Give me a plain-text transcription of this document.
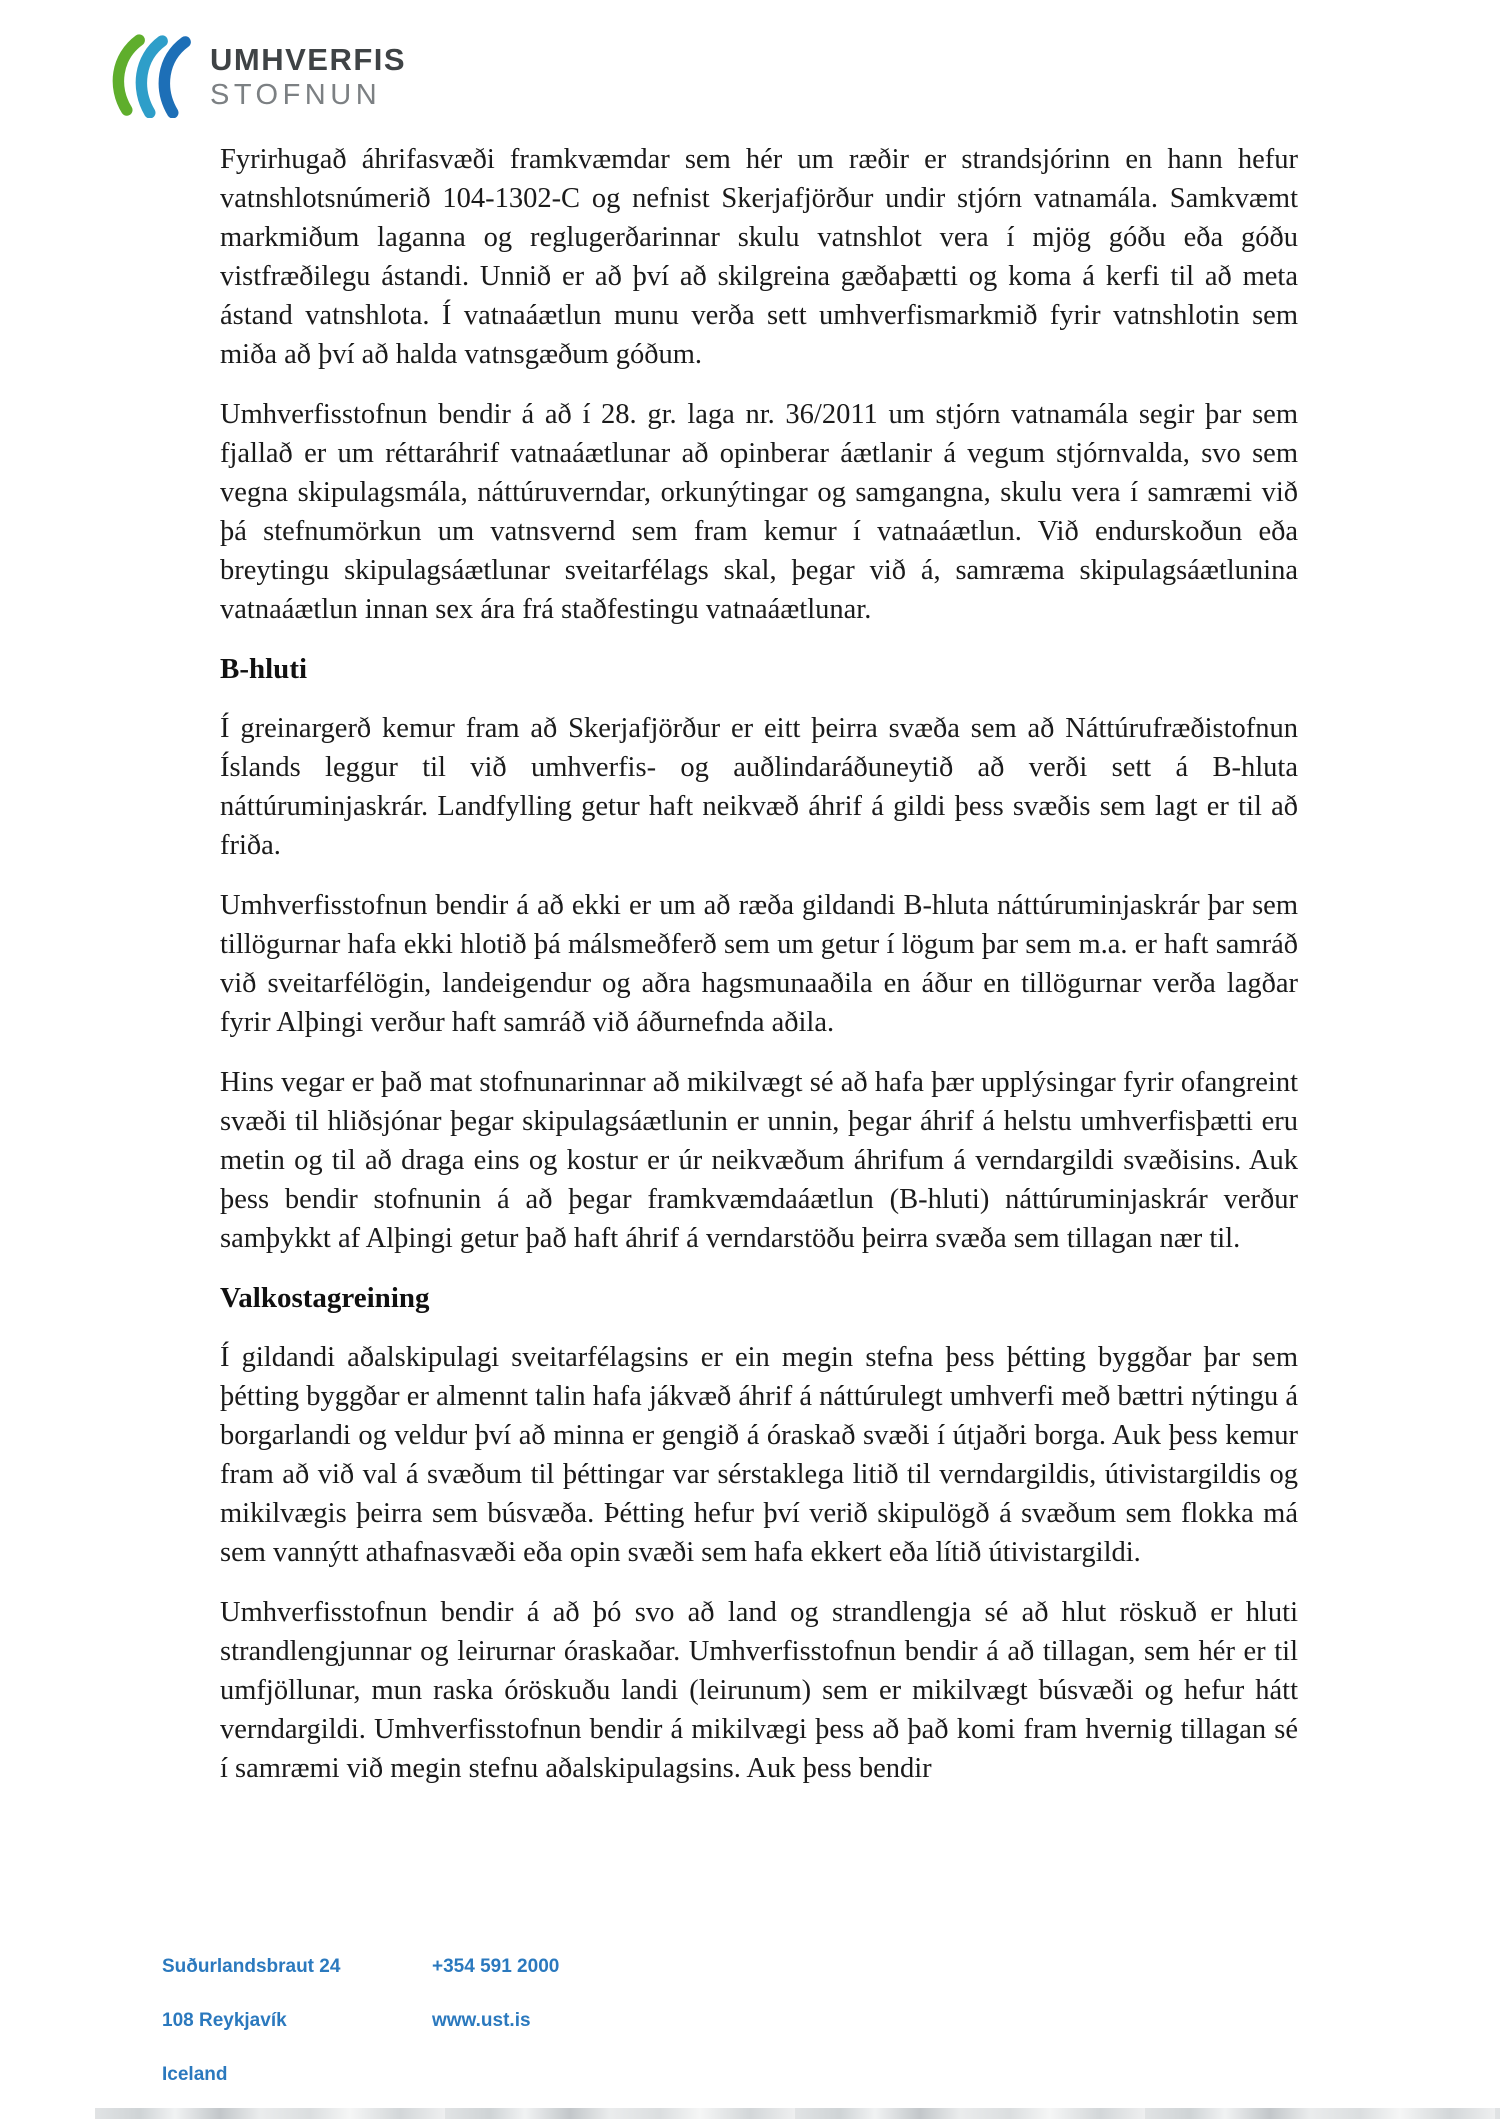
UMHVERFIS
STOFNUN

Fyrirhugað áhrifasvæði framkvæmdar sem hér um ræðir er strandsjórinn en hann hefur vatnshlotsnúmerið 104-1302-C og nefnist Skerjafjörður undir stjórn vatnamála. Samkvæmt markmiðum laganna og reglugerðarinnar skulu vatnshlot vera í mjög góðu eða góðu vistfræðilegu ástandi. Unnið er að því að skilgreina gæðaþætti og koma á kerfi til að meta ástand vatnshlota. Í vatnaáætlun munu verða sett umhverfismarkmið fyrir vatnshlotin sem miða að því að halda vatnsgæðum góðum.

Umhverfisstofnun bendir á að í 28. gr. laga nr. 36/2011 um stjórn vatnamála segir þar sem fjallað er um réttaráhrif vatnaáætlunar að opinberar áætlanir á vegum stjórnvalda, svo sem vegna skipulagsmála, náttúruverndar, orkunýtingar og samgangna, skulu vera í samræmi við þá stefnumörkun um vatnsvernd sem fram kemur í vatnaáætlun. Við endurskoðun eða breytingu skipulagsáætlunar sveitarfélags skal, þegar við á, samræma skipulagsáætlunina vatnaáætlun innan sex ára frá staðfestingu vatnaáætlunar.

B-hluti

Í greinargerð kemur fram að Skerjafjörður er eitt þeirra svæða sem að Náttúrufræðistofnun Íslands leggur til við umhverfis- og auðlindaráðuneytið að verði sett á B-hluta náttúruminjaskrár. Landfylling getur haft neikvæð áhrif á gildi þess svæðis sem lagt er til að friða.

Umhverfisstofnun bendir á að ekki er um að ræða gildandi B-hluta náttúruminjaskrár þar sem tillögurnar hafa ekki hlotið þá málsmeðferð sem um getur í lögum þar sem m.a. er haft samráð við sveitarfélögin, landeigendur og aðra hagsmunaaðila en áður en tillögurnar verða lagðar fyrir Alþingi verður haft samráð við áðurnefnda aðila.

Hins vegar er það mat stofnunarinnar að mikilvægt sé að hafa þær upplýsingar fyrir ofangreint svæði til hliðsjónar þegar skipulagsáætlunin er unnin, þegar áhrif á helstu umhverfisþætti eru metin og til að draga eins og kostur er úr neikvæðum áhrifum á verndargildi svæðisins. Auk þess bendir stofnunin á að þegar framkvæmdaáætlun (B-hluti) náttúruminjaskrár verður samþykkt af Alþingi getur það haft áhrif á verndarstöðu þeirra svæða sem tillagan nær til.

Valkostagreining

Í gildandi aðalskipulagi sveitarfélagsins er ein megin stefna þess þétting byggðar þar sem þétting byggðar er almennt talin hafa jákvæð áhrif á náttúrulegt umhverfi með bættri nýtingu á borgarlandi og veldur því að minna er gengið á óraskað svæði í útjaðri borga. Auk þess kemur fram að við val á svæðum til þéttingar var sérstaklega litið til verndargildis, útivistargildis og mikilvægis þeirra sem búsvæða. Þétting hefur því verið skipulögð á svæðum sem flokka má sem vannýtt athafnasvæði eða opin svæði sem hafa ekkert eða lítið útivistargildi.

Umhverfisstofnun bendir á að þó svo að land og strandlengja sé að hlut röskuð er hluti strandlengjunnar og leirurnar óraskaðar. Umhverfisstofnun bendir á að tillagan, sem hér er til umfjöllunar, mun raska óröskuðu landi (leirunum) sem er mikilvægt búsvæði og hefur hátt verndargildi. Umhverfisstofnun bendir á mikilvægi þess að það komi fram hvernig tillagan sé í samræmi við megin stefnu aðalskipulagsins. Auk þess bendir

Suðurlandsbraut 24

108 Reykjavík

Iceland

+354 591 2000

www.ust.is
